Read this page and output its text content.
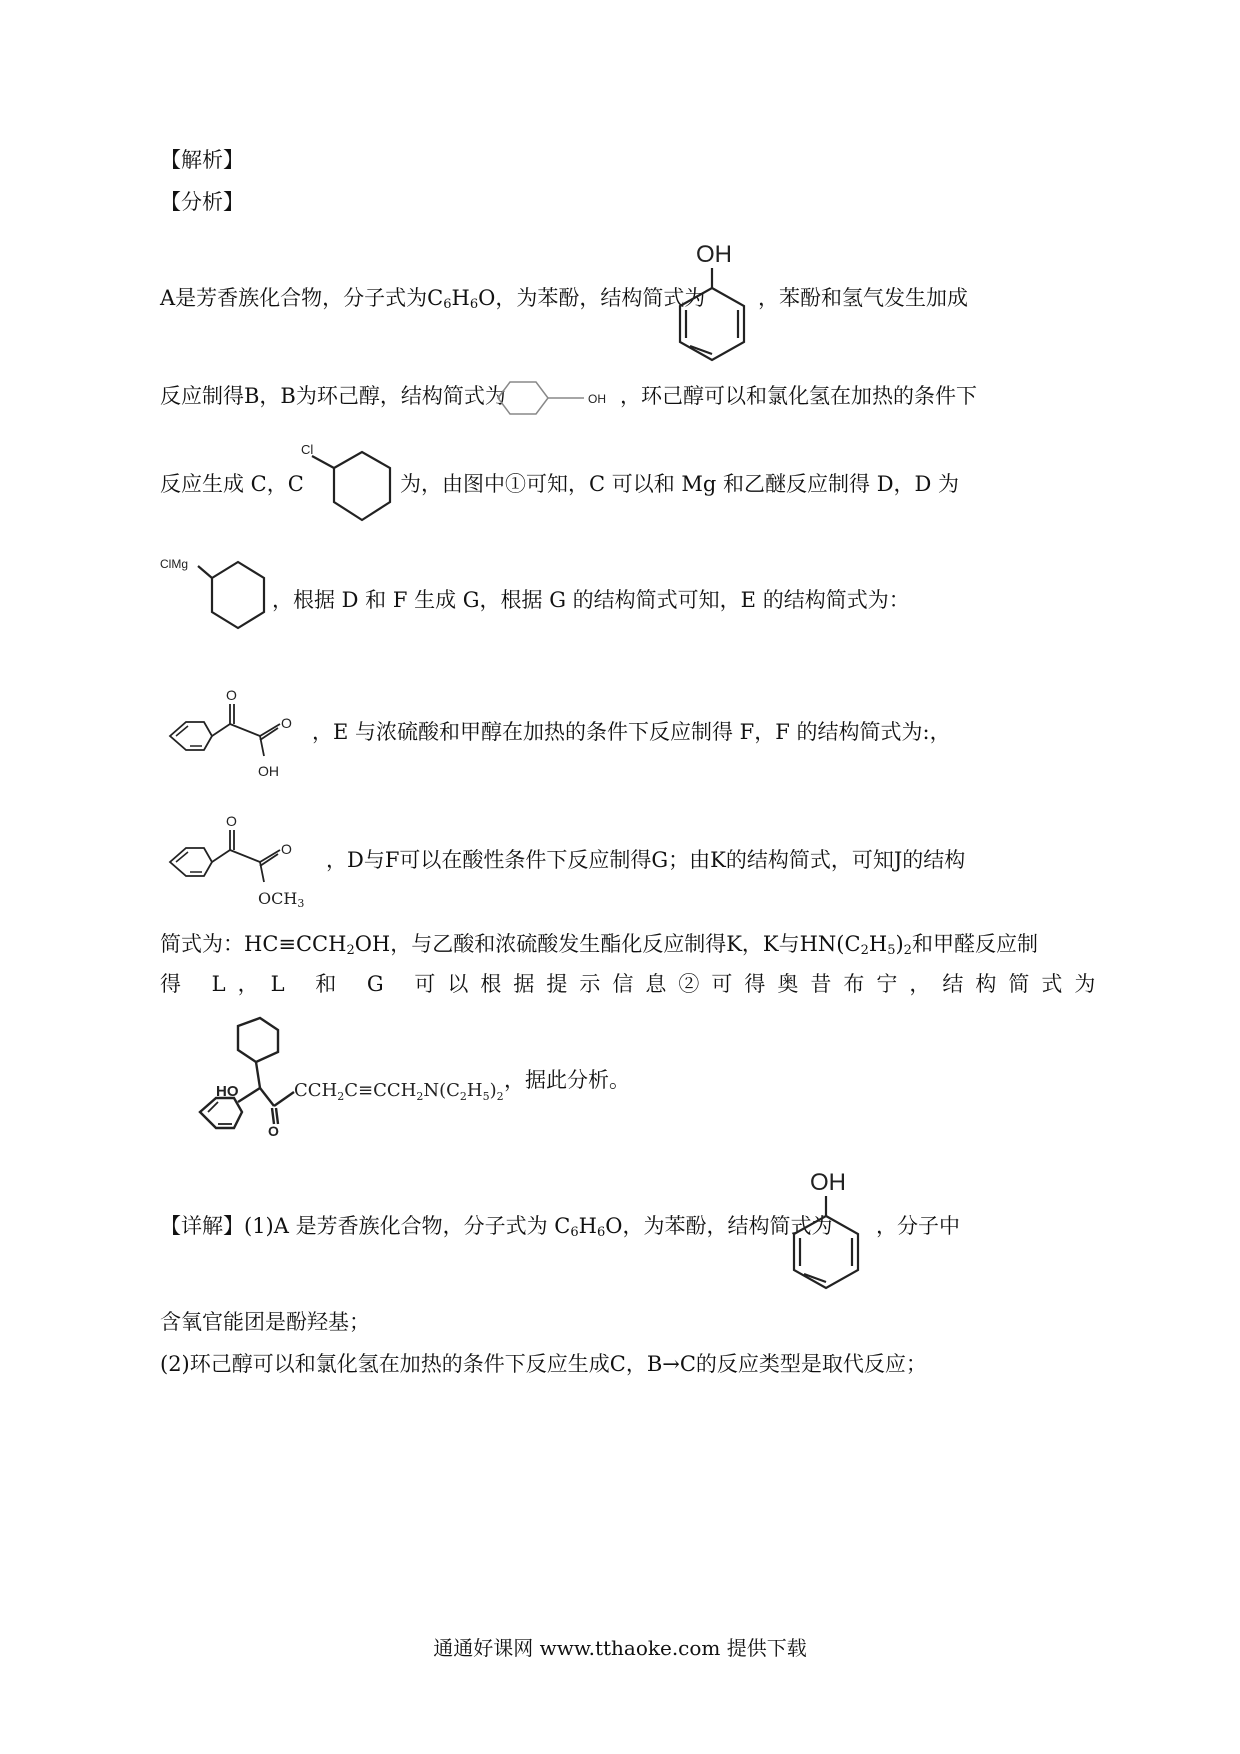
【解析】
【分析】
A是芳香族化合物，分子式为$C_6H_6O$，为苯酚，结构简式为
OH
，苯酚和氢气发生加成
反应制得B，B为环己醇，结构简式为	OH ，环己醇可以和氯化氢在加热的条件下
反应生成 C，C
Cl
为，由图中①可知，C 可以和 Mg 和乙醚反应制得 D，D 为
ClMg
，根据 D 和 F 生成 G，根据 G 的结构简式可知，E 的结构简式为：
O
O
OH
，E 与浓硫酸和甲醇在加热的条件下反应制得 F，F 的结构简式为:，
O
O
OCH3
，D与F可以在酸性条件下反应制得G；由K的结构简式，可知J的结构
简式为：$HC\equiv CCH_2OH$，与乙酸和浓硫酸发生酯化反应制得K，K与$HN(C_2H_5)_2$和甲醛反应制
得 L，L 和 G 可以根据提示信息②可得奥昔布宁，结构简式为
HO
O
$CCH_2C\equiv CCH_2N(C_2H_5)_2$
，据此分析。
【详解】(1)A 是芳香族化合物，分子式为 $C_6H_6O$，为苯酚，结构简式为
OH
，分子中
含氧官能团是酚羟基；
(2)环己醇可以和氯化氢在加热的条件下反应生成C，B→C的反应类型是取代反应；
通通好课网 www.tthaoke.com 提供下载
